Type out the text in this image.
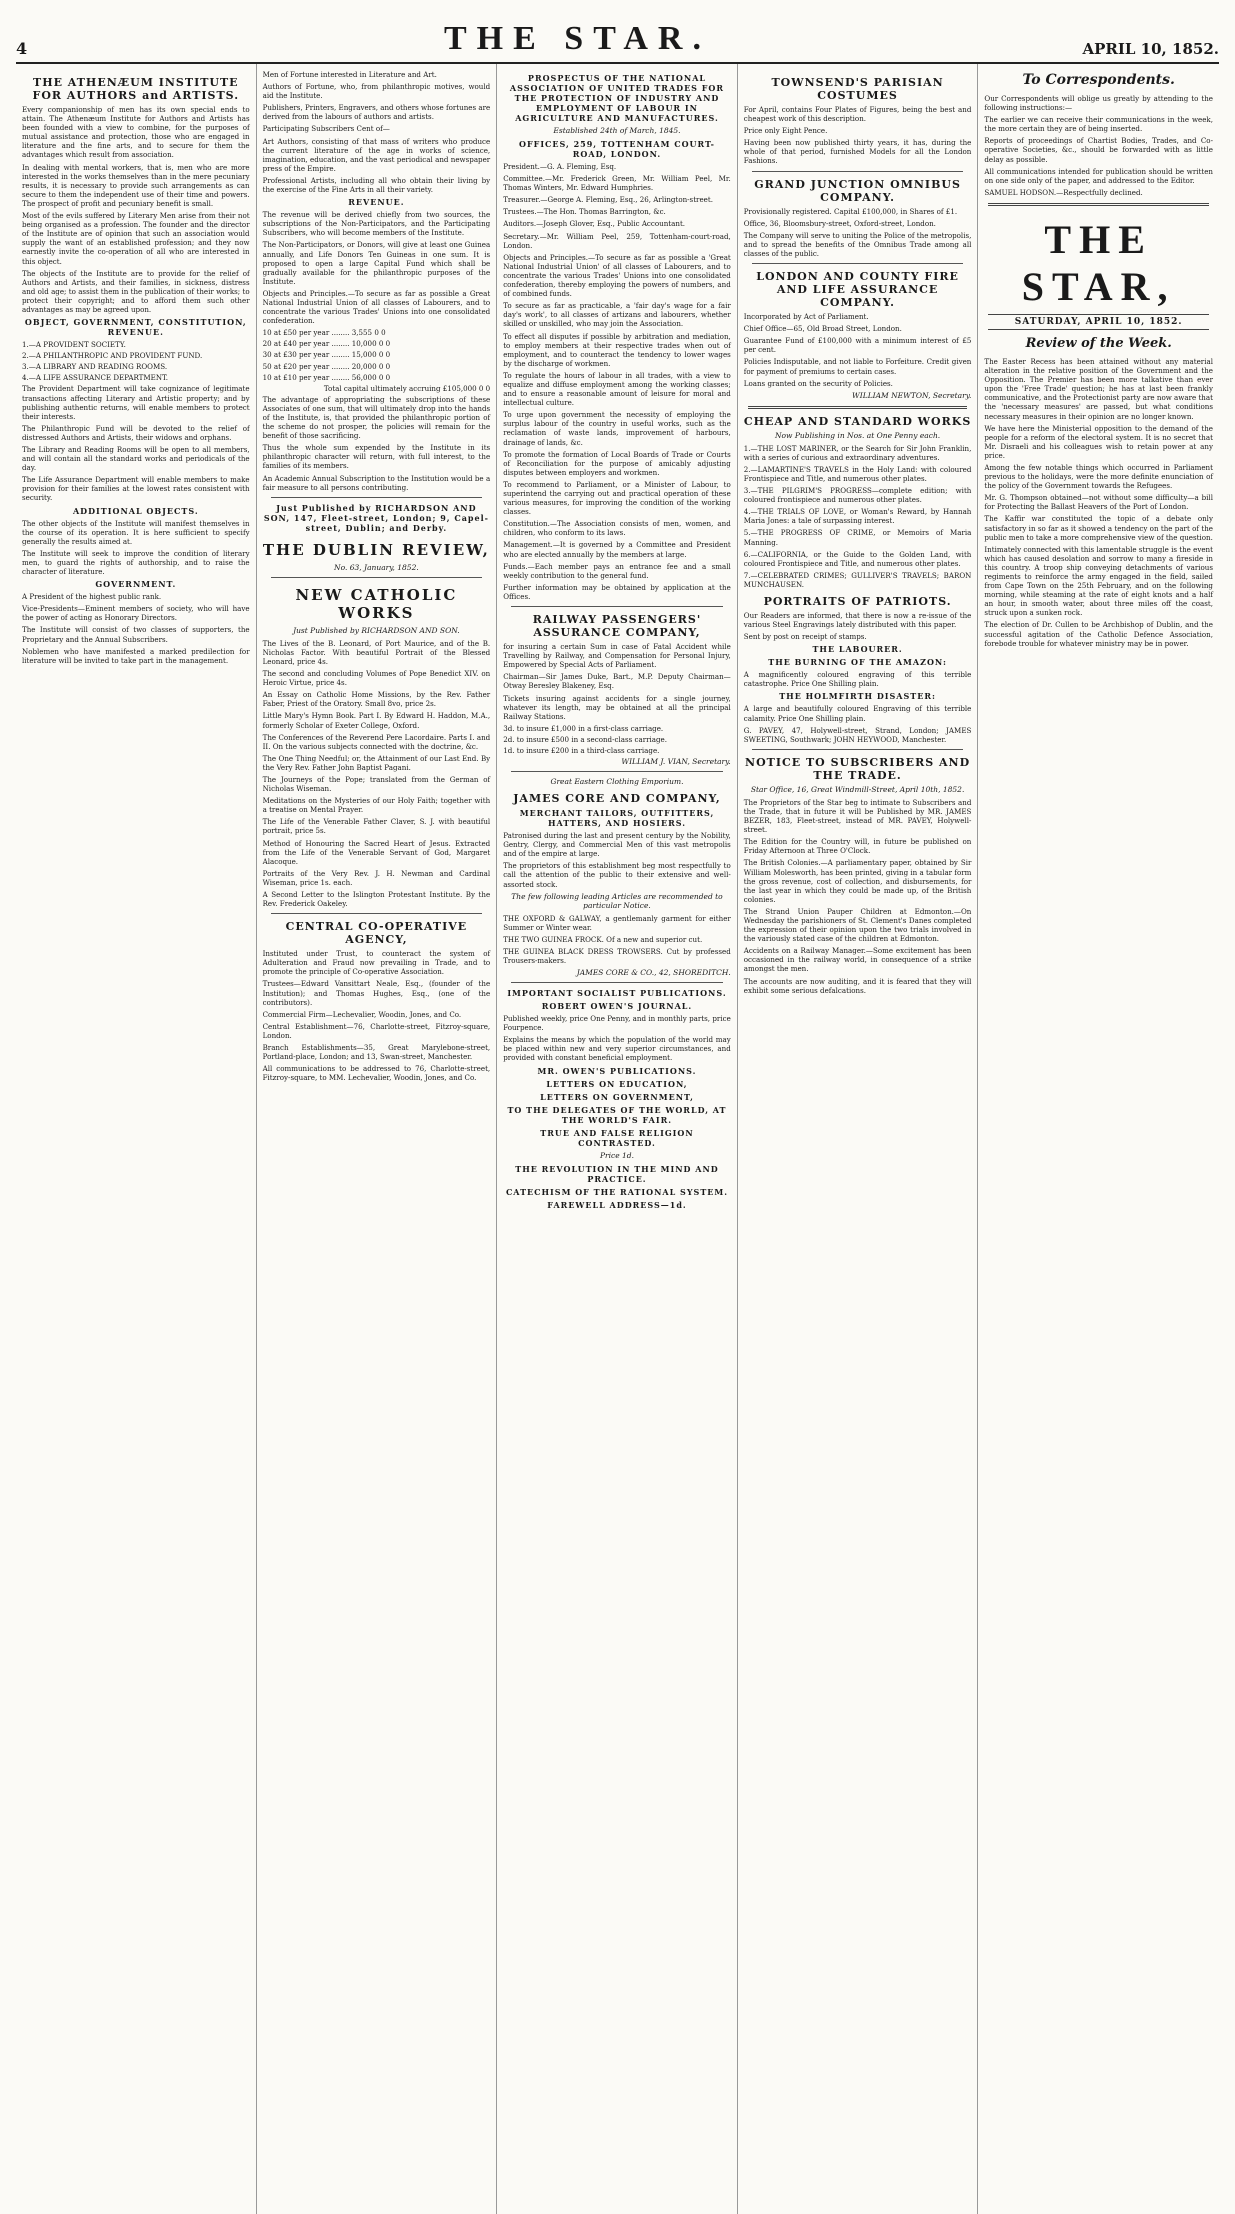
4	THE STAR.	APRIL 10, 1852.
THE ATHENÆUM INSTITUTE FOR AUTHORS and ARTISTS.

Every companionship of men has its own special ends to attain. The Athenæum Institute for Authors and Artists has been founded with a view to combine, for the purposes of mutual assistance and protection, those who are engaged in literature and the fine arts, and to secure for them the advantages which result from association.

In dealing with mental workers, that is, men who are more interested in the works themselves than in the mere pecuniary results, it is necessary to provide such arrangements as can secure to them the independent use of their time and powers. The prospect of profit and pecuniary benefit is small.

Most of the evils suffered by Literary Men arise from their not being organised as a profession. The founder and the director of the Institute are of opinion that such an association would supply the want of an established profession; and they now earnestly invite the co-operation of all who are interested in this object.

The objects of the Institute are to provide for the relief of Authors and Artists, and their families, in sickness, distress and old age; to assist them in the publication of their works; to protect their copyright; and to afford them such other advantages as may be agreed upon.

OBJECT, GOVERNMENT, CONSTITUTION, REVENUE.
1.—A PROVIDENT SOCIETY.
2.—A PHILANTHROPIC AND PROVIDENT FUND.
3.—A LIBRARY AND READING ROOMS.
4.—A LIFE ASSURANCE DEPARTMENT.

The Provident Department will take cognizance of legitimate transactions affecting Literary and Artistic property; and by publishing authentic returns, will enable members to protect their interests.

The Philanthropic Fund will be devoted to the relief of distressed Authors and Artists, their widows and orphans.

The Library and Reading Rooms will be open to all members, and will contain all the standard works and periodicals of the day.

The Life Assurance Department will enable members to make provision for their families at the lowest rates consistent with security.

ADDITIONAL OBJECTS.

The other objects of the Institute will manifest themselves in the course of its operation. It is here sufficient to specify generally the results aimed at.

The Institute will seek to improve the condition of literary men, to guard the rights of authorship, and to raise the character of literature.

GOVERNMENT.

A President of the highest public rank.

Vice-Presidents—Eminent members of society, who will have the power of acting as Honorary Directors.

The Institute will consist of two classes of supporters, the Proprietary and the Annual Subscribers.

Noblemen who have manifested a marked predilection for literature will be invited to take part in the management.

Men of Fortune interested in Literature and Art.

Authors of Fortune, who, from philanthropic motives, would aid the Institute.

Publishers, Printers, Engravers, and others whose fortunes are derived from the labours of authors and artists.

Participating Subscribers Cent of—

Art Authors, consisting of that mass of writers who produce the current literature of the age in works of science, imagination, education, and the vast periodical and newspaper press of the Empire.

Professional Artists, including all who obtain their living by the exercise of the Fine Arts in all their variety.

REVENUE.

The revenue will be derived chiefly from two sources, the subscriptions of the Non-Participators, and the Participating Subscribers, who will become members of the Institute.

The Non-Participators, or Donors, will give at least one Guinea annually, and Life Donors Ten Guineas in one sum. It is proposed to open a large Capital Fund which shall be gradually available for the philanthropic purposes of the Institute.

Objects and Principles.—To secure as far as possible a Great National Industrial Union of all classes of Labourers, and to concentrate the various Trades' Unions into one consolidated confederation.

10 at £50 per year ........ 3,555 0 0
20 at £40 per year ........ 10,000 0 0
30 at £30 per year ........ 15,000 0 0
50 at £20 per year ........ 20,000 0 0
10 at £10 per year ........ 56,000 0 0
Total capital ultimately accruing £105,000 0 0

The advantage of appropriating the subscriptions of these Associates of one sum, that will ultimately drop into the hands of the Institute, is, that provided the philanthropic portion of the scheme do not prosper, the policies will remain for the benefit of those sacrificing.

Thus the whole sum expended by the Institute in its philanthropic character will return, with full interest, to the families of its members.

An Academic Annual Subscription to the Institution would be a fair measure to all persons contributing.

Just Published by RICHARDSON AND SON, 147, Fleet-street, London; 9, Capel-street, Dublin; and Derby.
THE DUBLIN REVIEW,
No. 63, January, 1852.
NEW CATHOLIC WORKS
Just Published by RICHARDSON AND SON.

The Lives of the B. Leonard, of Port Maurice, and of the B. Nicholas Factor. With beautiful Portrait of the Blessed Leonard, price 4s.

The second and concluding Volumes of Pope Benedict XIV. on Heroic Virtue, price 4s.

An Essay on Catholic Home Missions, by the Rev. Father Faber, Priest of the Oratory. Small 8vo, price 2s.

Little Mary's Hymn Book. Part I. By Edward H. Haddon, M.A., formerly Scholar of Exeter College, Oxford.

The Conferences of the Reverend Pere Lacordaire. Parts I. and II. On the various subjects connected with the doctrine, &c.

The One Thing Needful; or, the Attainment of our Last End. By the Very Rev. Father John Baptist Pagani.

The Journeys of the Pope; translated from the German of Nicholas Wiseman.

Meditations on the Mysteries of our Holy Faith; together with a treatise on Mental Prayer.

The Life of the Venerable Father Claver, S. J. with beautiful portrait, price 5s.

Method of Honouring the Sacred Heart of Jesus. Extracted from the Life of the Venerable Servant of God, Margaret Alacoque.

Portraits of the Very Rev. J. H. Newman and Cardinal Wiseman, price 1s. each.

A Second Letter to the Islington Protestant Institute. By the Rev. Frederick Oakeley.

CENTRAL CO-OPERATIVE AGENCY,

Instituted under Trust, to counteract the system of Adulteration and Fraud now prevailing in Trade, and to promote the principle of Co-operative Association.

Trustees—Edward Vansittart Neale, Esq., (founder of the Institution); and Thomas Hughes, Esq., (one of the contributors).

Commercial Firm—Lechevalier, Woodin, Jones, and Co.

Central Establishment—76, Charlotte-street, Fitzroy-square, London.

Branch Establishments—35, Great Marylebone-street, Portland-place, London; and 13, Swan-street, Manchester.

All communications to be addressed to 76, Charlotte-street, Fitzroy-square, to MM. Lechevalier, Woodin, Jones, and Co.

PROSPECTUS OF THE NATIONAL ASSOCIATION OF UNITED TRADES FOR THE PROTECTION OF INDUSTRY AND EMPLOYMENT OF LABOUR IN AGRICULTURE AND MANUFACTURES.
Established 24th of March, 1845.
OFFICES, 259, TOTTENHAM COURT-ROAD, LONDON.

President.—G. A. Fleming, Esq.

Committee.—Mr. Frederick Green, Mr. William Peel, Mr. Thomas Winters, Mr. Edward Humphries.

Treasurer.—George A. Fleming, Esq., 26, Arlington-street.

Trustees.—The Hon. Thomas Barrington, &c.

Auditors.—Joseph Glover, Esq., Public Accountant.

Secretary.—Mr. William Peel, 259, Tottenham-court-road, London.

Objects and Principles.—To secure as far as possible a 'Great National Industrial Union' of all classes of Labourers, and to concentrate the various Trades' Unions into one consolidated confederation, thereby employing the powers of numbers, and of combined funds.

To secure as far as practicable, a 'fair day's wage for a fair day's work', to all classes of artizans and labourers, whether skilled or unskilled, who may join the Association.

To effect all disputes if possible by arbitration and mediation, to employ members at their respective trades when out of employment, and to counteract the tendency to lower wages by the discharge of workmen.

To regulate the hours of labour in all trades, with a view to equalize and diffuse employment among the working classes; and to ensure a reasonable amount of leisure for moral and intellectual culture.

To urge upon government the necessity of employing the surplus labour of the country in useful works, such as the reclamation of waste lands, improvement of harbours, drainage of lands, &c.

To promote the formation of Local Boards of Trade or Courts of Reconciliation for the purpose of amicably adjusting disputes between employers and workmen.

To recommend to Parliament, or a Minister of Labour, to superintend the carrying out and practical operation of these various measures, for improving the condition of the working classes.

Constitution.—The Association consists of men, women, and children, who conform to its laws.

Management.—It is governed by a Committee and President who are elected annually by the members at large.

Funds.—Each member pays an entrance fee and a small weekly contribution to the general fund.

Further information may be obtained by application at the Offices.

RAILWAY PASSENGERS' ASSURANCE COMPANY,

for insuring a certain Sum in case of Fatal Accident while Travelling by Railway, and Compensation for Personal Injury, Empowered by Special Acts of Parliament.

Chairman—Sir James Duke, Bart., M.P. Deputy Chairman—Otway Beresley Blakeney, Esq.

Tickets insuring against accidents for a single journey, whatever its length, may be obtained at all the principal Railway Stations.

3d. to insure £1,000 in a first-class carriage.
2d. to insure £500 in a second-class carriage.
1d. to insure £200 in a third-class carriage.
WILLIAM J. VIAN, Secretary.
Great Eastern Clothing Emporium.
JAMES CORE AND COMPANY,
MERCHANT TAILORS, OUTFITTERS, HATTERS, AND HOSIERS.

Patronised during the last and present century by the Nobility, Gentry, Clergy, and Commercial Men of this vast metropolis and of the empire at large.

The proprietors of this establishment beg most respectfully to call the attention of the public to their extensive and well-assorted stock.

The few following leading Articles are recommended to particular Notice.

THE OXFORD & GALWAY, a gentlemanly garment for either Summer or Winter wear.

THE TWO GUINEA FROCK. Of a new and superior cut.

THE GUINEA BLACK DRESS TROWSERS. Cut by professed Trousers-makers.

JAMES CORE & CO., 42, SHOREDITCH.
IMPORTANT SOCIALIST PUBLICATIONS.
ROBERT OWEN'S JOURNAL.

Published weekly, price One Penny, and in monthly parts, price Fourpence.

Explains the means by which the population of the world may be placed within new and very superior circumstances, and provided with constant beneficial employment.

MR. OWEN'S PUBLICATIONS.
LETTERS ON EDUCATION,
LETTERS ON GOVERNMENT,
TO THE DELEGATES OF THE WORLD, AT THE WORLD'S FAIR.
TRUE AND FALSE RELIGION CONTRASTED.
Price 1d.
THE REVOLUTION IN THE MIND AND PRACTICE.
CATECHISM OF THE RATIONAL SYSTEM.
FAREWELL ADDRESS—1d.
TOWNSEND'S PARISIAN COSTUMES

For April, contains Four Plates of Figures, being the best and cheapest work of this description.

Price only Eight Pence.

Having been now published thirty years, it has, during the whole of that period, furnished Models for all the London Fashions.

GRAND JUNCTION OMNIBUS COMPANY.

Provisionally registered. Capital £100,000, in Shares of £1.

Office, 36, Bloomsbury-street, Oxford-street, London.

The Company will serve to uniting the Police of the metropolis, and to spread the benefits of the Omnibus Trade among all classes of the public.

LONDON AND COUNTY FIRE AND LIFE ASSURANCE COMPANY.

Incorporated by Act of Parliament.

Chief Office—65, Old Broad Street, London.

Guarantee Fund of £100,000 with a minimum interest of £5 per cent.

Policies Indisputable, and not liable to Forfeiture. Credit given for payment of premiums to certain cases.

Loans granted on the security of Policies.

WILLIAM NEWTON, Secretary.
CHEAP AND STANDARD WORKS
Now Publishing in Nos. at One Penny each.

1.—THE LOST MARINER, or the Search for Sir John Franklin, with a series of curious and extraordinary adventures.

2.—LAMARTINE'S TRAVELS in the Holy Land: with coloured Frontispiece and Title, and numerous other plates.

3.—THE PILGRIM'S PROGRESS—complete edition; with coloured frontispiece and numerous other plates.

4.—THE TRIALS OF LOVE, or Woman's Reward, by Hannah Maria Jones: a tale of surpassing interest.

5.—THE PROGRESS OF CRIME, or Memoirs of Maria Manning.

6.—CALIFORNIA, or the Guide to the Golden Land, with coloured Frontispiece and Title, and numerous other plates.

7.—CELEBRATED CRIMES; GULLIVER'S TRAVELS; BARON MUNCHAUSEN.

PORTRAITS OF PATRIOTS.

Our Readers are informed, that there is now a re-issue of the various Steel Engravings lately distributed with this paper.

Sent by post on receipt of stamps.

THE LABOURER.
THE BURNING OF THE AMAZON:

A magnificently coloured engraving of this terrible catastrophe. Price One Shilling plain.

THE HOLMFIRTH DISASTER:

A large and beautifully coloured Engraving of this terrible calamity. Price One Shilling plain.

G. PAVEY, 47, Holywell-street, Strand, London; JAMES SWEETING, Southwark; JOHN HEYWOOD, Manchester.

NOTICE TO SUBSCRIBERS AND THE TRADE.
Star Office, 16, Great Windmill-Street, April 10th, 1852.

The Proprietors of the Star beg to intimate to Subscribers and the Trade, that in future it will be Published by MR. JAMES BEZER, 183, Fleet-street, instead of MR. PAVEY, Holywell-street.

The Edition for the Country will, in future be published on Friday Afternoon at Three O'Clock.

The British Colonies.—A parliamentary paper, obtained by Sir William Molesworth, has been printed, giving in a tabular form the gross revenue, cost of collection, and disbursements, for the last year in which they could be made up, of the British colonies.

The Strand Union Pauper Children at Edmonton.—On Wednesday the parishioners of St. Clement's Danes completed the expression of their opinion upon the two trials involved in the variously stated case of the children at Edmonton.

Accidents on a Railway Manager.—Some excitement has been occasioned in the railway world, in consequence of a strike amongst the men.

The accounts are now auditing, and it is feared that they will exhibit some serious defalcations.

To Correspondents.

Our Correspondents will oblige us greatly by attending to the following instructions:—

The earlier we can receive their communications in the week, the more certain they are of being inserted.

Reports of proceedings of Chartist Bodies, Trades, and Co-operative Societies, &c., should be forwarded with as little delay as possible.

All communications intended for publication should be written on one side only of the paper, and addressed to the Editor.

SAMUEL HODSON.—Respectfully declined.

THE STAR,
SATURDAY, APRIL 10, 1852.
Review of the Week.

The Easter Recess has been attained without any material alteration in the relative position of the Government and the Opposition. The Premier has been more talkative than ever upon the 'Free Trade' question; he has at last been frankly communicative, and the Protectionist party are now aware that the 'necessary measures' are passed, but what conditions necessary measures in their opinion are no longer known.

We have here the Ministerial opposition to the demand of the people for a reform of the electoral system. It is no secret that Mr. Disraeli and his colleagues wish to retain power at any price.

Among the few notable things which occurred in Parliament previous to the holidays, were the more definite enunciation of the policy of the Government towards the Refugees.

Mr. G. Thompson obtained—not without some difficulty—a bill for Protecting the Ballast Heavers of the Port of London.

The Kaffir war constituted the topic of a debate only satisfactory in so far as it showed a tendency on the part of the public men to take a more comprehensive view of the question.

Intimately connected with this lamentable struggle is the event which has caused desolation and sorrow to many a fireside in this country. A troop ship conveying detachments of various regiments to reinforce the army engaged in the field, sailed from Cape Town on the 25th February, and on the following morning, while steaming at the rate of eight knots and a half an hour, in smooth water, about three miles off the coast, struck upon a sunken rock.

The election of Dr. Cullen to be Archbishop of Dublin, and the successful agitation of the Catholic Defence Association, forebode trouble for whatever ministry may be in power.
